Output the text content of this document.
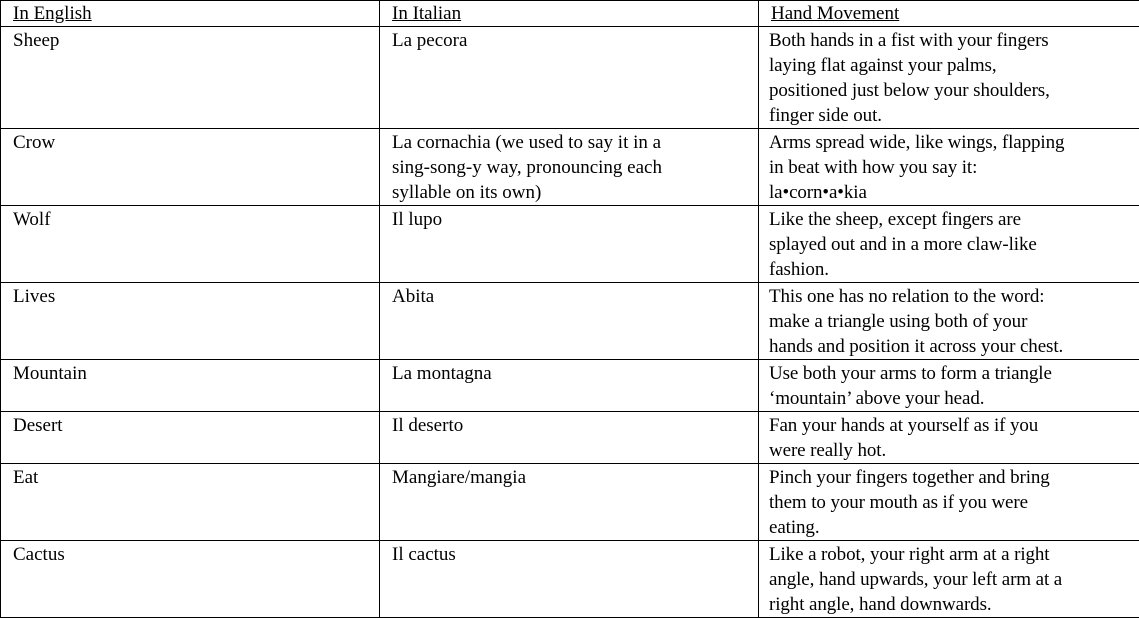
In English	In Italian	Hand Movement
Sheep	La pecora	Both hands in a fist with your fingers
laying flat against your palms,
positioned just below your shoulders,
finger side out.
Crow	La cornachia (we used to say it in a
sing-song-y way, pronouncing each
syllable on its own)	Arms spread wide, like wings, flapping
in beat with how you say it:
la•corn•a•kia
Wolf	Il lupo	Like the sheep, except fingers are
splayed out and in a more claw-like
fashion.
Lives	Abita	This one has no relation to the word:
make a triangle using both of your
hands and position it across your chest.
Mountain	La montagna	Use both your arms to form a triangle
‘mountain’ above your head.
Desert	Il deserto	Fan your hands at yourself as if you
were really hot.
Eat	Mangiare/mangia	Pinch your fingers together and bring
them to your mouth as if you were
eating.
Cactus	Il cactus	Like a robot, your right arm at a right
angle, hand upwards, your left arm at a
right angle, hand downwards.
